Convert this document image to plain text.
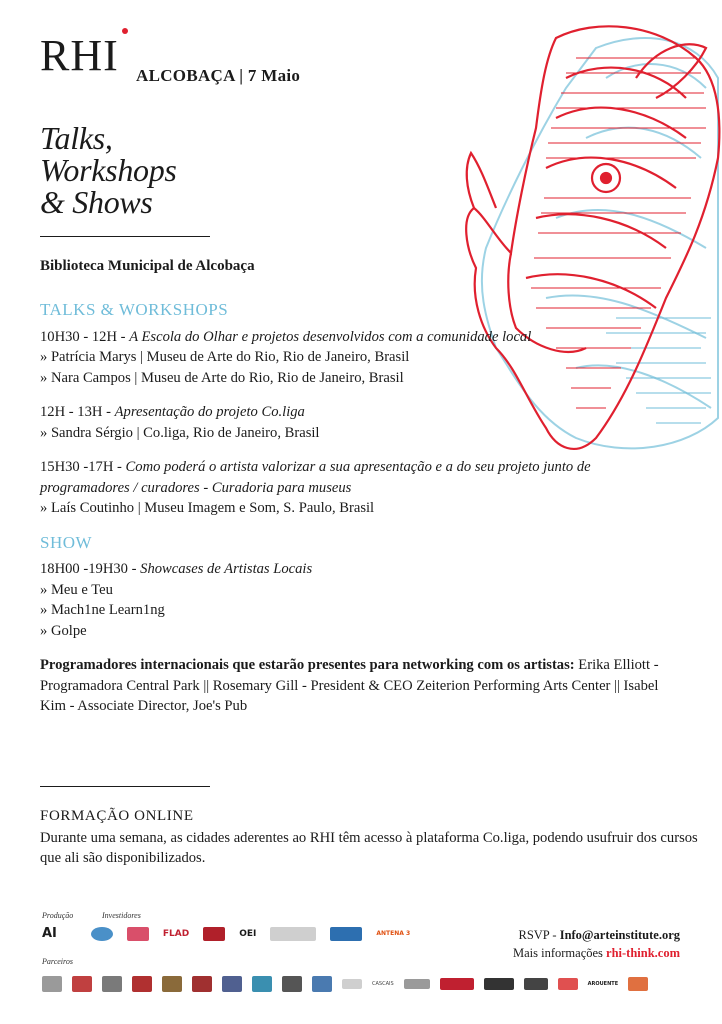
RHI ALCOBAÇA | 7 Maio
Talks,
Workshops
& Shows
Biblioteca Municipal de Alcobaça
TALKS & WORKSHOPS
10H30 - 12H - A Escola do Olhar e projetos desenvolvidos com a comunidade local
» Patrícia Marys | Museu de Arte do Rio, Rio de Janeiro, Brasil
» Nara Campos | Museu de Arte do Rio, Rio de Janeiro, Brasil
12H - 13H - Apresentação do projeto Co.liga
» Sandra Sérgio | Co.liga, Rio de Janeiro, Brasil
15H30 -17H - Como poderá o artista valorizar a sua apresentação e a do seu projeto junto de programadores / curadores - Curadoria para museus
» Laís Coutinho | Museu Imagem e Som, S. Paulo, Brasil
SHOW
18H00 -19H30 - Showcases de Artistas Locais
» Meu e Teu
» Mach1ne Learn1ng
» Golpe
Programadores internacionais que estarão presentes para networking com os artistas: Erika Elliott - Programadora Central Park || Rosemary Gill - President & CEO Zeiterion Performing Arts Center || Isabel Kim - Associate Director, Joe's Pub
FORMAÇÃO ONLINE

Durante uma semana, as cidades aderentes ao RHI têm acesso à plataforma Co.liga, podendo usufruir dos cursos que ali são disponibilizados.

Produção	Investidores
Parceiros
AI	FLAD	OEI	ANTENA 3
CASCAIS	AROUENTE
RSVP - Info@arteinstitute.org
Mais informações rhi-think.com
